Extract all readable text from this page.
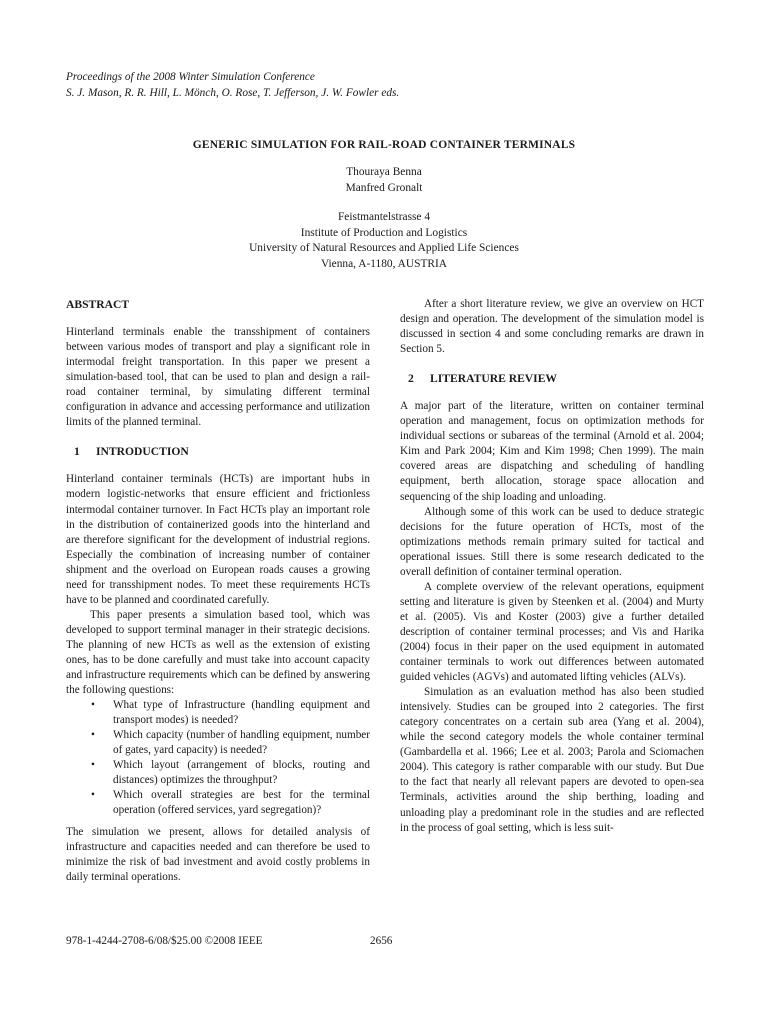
Proceedings of the 2008 Winter Simulation Conference
S. J. Mason, R. R. Hill, L. Mönch, O. Rose, T. Jefferson, J. W. Fowler eds.
GENERIC SIMULATION FOR RAIL-ROAD CONTAINER TERMINALS
Thouraya Benna
Manfred Gronalt
Feistmantelstrasse 4
Institute of Production and Logistics
University of Natural Resources and Applied Life Sciences
Vienna, A-1180, AUSTRIA

ABSTRACT

Hinterland terminals enable the transshipment of containers between various modes of transport and play a significant role in intermodal freight transportation. In this paper we present a simulation-based tool, that can be used to plan and design a rail-road container terminal, by simulating different terminal configuration in advance and accessing performance and utilization limits of the planned terminal.

1 INTRODUCTION

Hinterland container terminals (HCTs) are important hubs in modern logistic-networks that ensure efficient and frictionless intermodal container turnover. In Fact HCTs play an important role in the distribution of containerized goods into the hinterland and are therefore significant for the development of industrial regions. Especially the combination of increasing number of container shipment and the overload on European roads causes a growing need for transshipment nodes. To meet these requirements HCTs have to be planned and coordinated carefully.

This paper presents a simulation based tool, which was developed to support terminal manager in their strategic decisions. The planning of new HCTs as well as the extension of existing ones, has to be done carefully and must take into account capacity and infrastructure requirements which can be defined by answering the following questions:

• What type of Infrastructure (handling equipment and transport modes) is needed?
• Which capacity (number of handling equipment, number of gates, yard capacity) is needed?
• Which layout (arrangement of blocks, routing and distances) optimizes the throughput?
• Which overall strategies are best for the terminal operation (offered services, yard segregation)?

The simulation we present, allows for detailed analysis of infrastructure and capacities needed and can therefore be used to minimize the risk of bad investment and avoid costly problems in daily terminal operations.

After a short literature review, we give an overview on HCT design and operation. The development of the simulation model is discussed in section 4 and some concluding remarks are drawn in Section 5.

2 LITERATURE REVIEW

A major part of the literature, written on container terminal operation and management, focus on optimization methods for individual sections or subareas of the terminal (Arnold et al. 2004; Kim and Park 2004; Kim and Kim 1998; Chen 1999). The main covered areas are dispatching and scheduling of handling equipment, berth allocation, storage space allocation and sequencing of the ship loading and unloading.

Although some of this work can be used to deduce strategic decisions for the future operation of HCTs, most of the optimizations methods remain primary suited for tactical and operational issues. Still there is some research dedicated to the overall definition of container terminal operation.

A complete overview of the relevant operations, equipment setting and literature is given by Steenken et al. (2004) and Murty et al. (2005). Vis and Koster (2003) give a further detailed description of container terminal processes; and Vis and Harika (2004) focus in their paper on the used equipment in automated container terminals to work out differences between automated guided vehicles (AGVs) and automated lifting vehicles (ALVs).

Simulation as an evaluation method has also been studied intensively. Studies can be grouped into 2 categories. The first category concentrates on a certain sub area (Yang et al. 2004), while the second category models the whole container terminal (Gambardella et al. 1966; Lee et al. 2003; Parola and Sciomachen 2004). This category is rather comparable with our study. But Due to the fact that nearly all relevant papers are devoted to open-sea Terminals, activities around the ship berthing, loading and unloading play a predominant role in the studies and are reflected in the process of goal setting, which is less suit-

978-1-4244-2708-6/08/$25.00 ©2008 IEEE	2656
